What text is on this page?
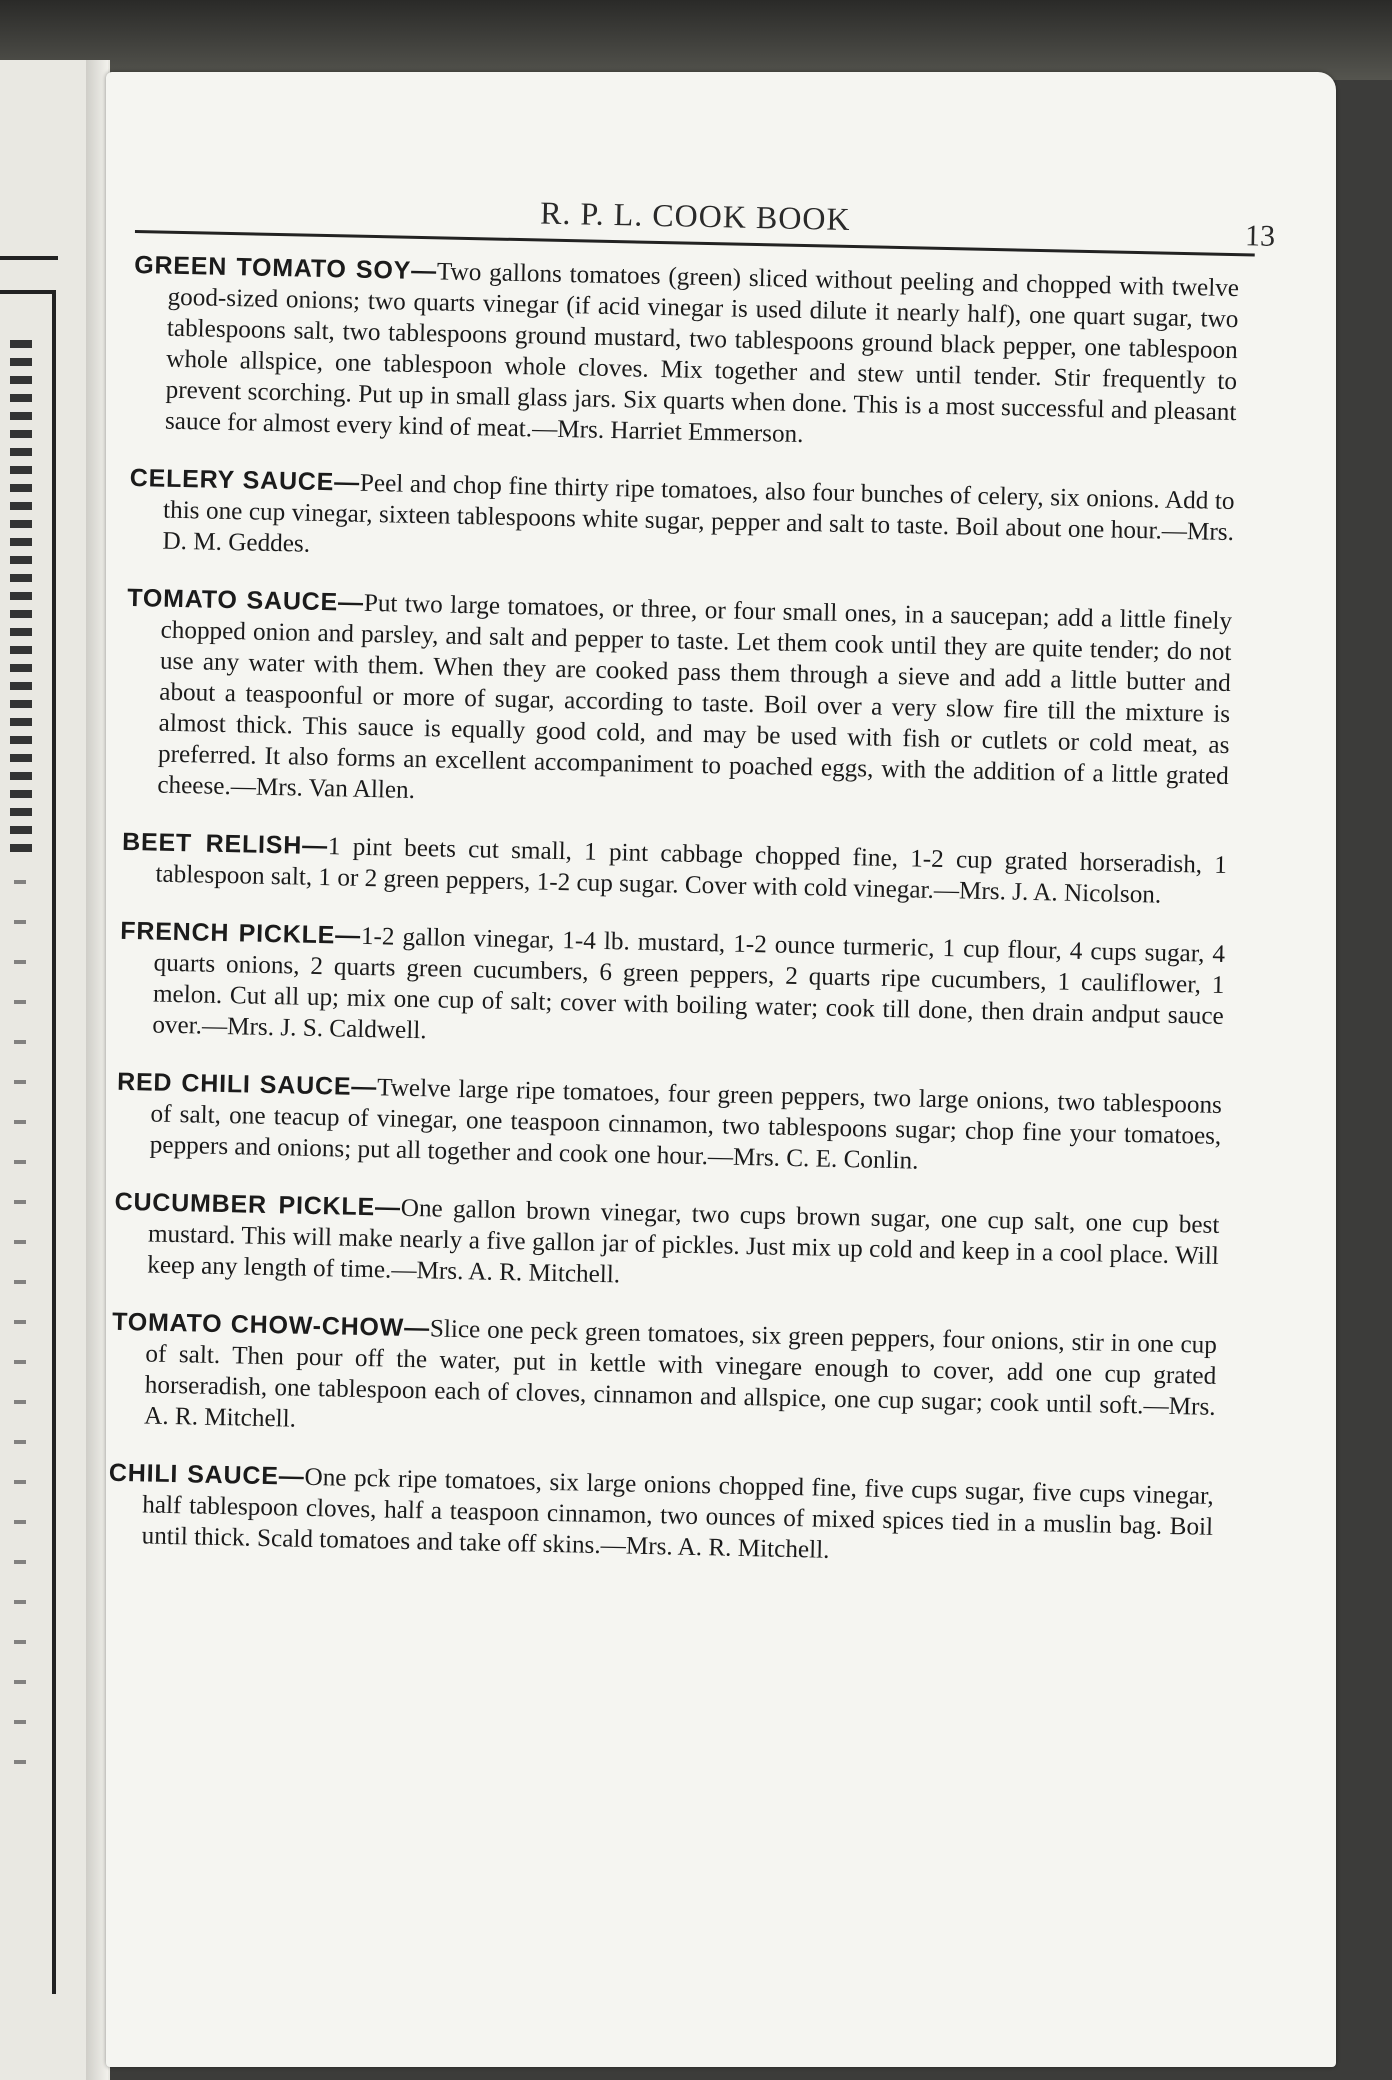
R. P. L. COOK BOOK	13

GREEN TOMATO SOY—Two gallons tomatoes (green) sliced without peeling and chopped with twelve good-sized onions; two quarts vinegar (if acid vinegar is used dilute it nearly half), one quart sugar, two tablespoons salt, two tablespoons ground mustard, two tablespoons ground black pepper, one tablespoon whole allspice, one tablespoon whole cloves. Mix together and stew until tender. Stir frequently to prevent scorching. Put up in small glass jars. Six quarts when done. This is a most successful and pleasant sauce for almost every kind of meat.—Mrs. Harriet Emmerson.

CELERY SAUCE—Peel and chop fine thirty ripe tomatoes, also four bunches of celery, six onions. Add to this one cup vinegar, sixteen tablespoons white sugar, pepper and salt to taste. Boil about one hour.—Mrs. D. M. Geddes.

TOMATO SAUCE—Put two large tomatoes, or three, or four small ones, in a saucepan; add a little finely chopped onion and parsley, and salt and pepper to taste. Let them cook until they are quite tender; do not use any water with them. When they are cooked pass them through a sieve and add a little butter and about a teaspoonful or more of sugar, according to taste. Boil over a very slow fire till the mixture is almost thick. This sauce is equally good cold, and may be used with fish or cutlets or cold meat, as preferred. It also forms an excellent accompaniment to poached eggs, with the addition of a little grated cheese.—Mrs. Van Allen.

BEET RELISH—1 pint beets cut small, 1 pint cabbage chopped fine, 1-2 cup grated horseradish, 1 tablespoon salt, 1 or 2 green peppers, 1-2 cup sugar. Cover with cold vinegar.—Mrs. J. A. Nicolson.

FRENCH PICKLE—1-2 gallon vinegar, 1-4 lb. mustard, 1-2 ounce turmeric, 1 cup flour, 4 cups sugar, 4 quarts onions, 2 quarts green cucumbers, 6 green peppers, 2 quarts ripe cucumbers, 1 cauliflower, 1 melon. Cut all up; mix one cup of salt; cover with boiling water; cook till done, then drain andput sauce over.—Mrs. J. S. Caldwell.

RED CHILI SAUCE—Twelve large ripe tomatoes, four green peppers, two large onions, two tablespoons of salt, one teacup of vinegar, one teaspoon cinnamon, two tablespoons sugar; chop fine your tomatoes, peppers and onions; put all together and cook one hour.—Mrs. C. E. Conlin.

CUCUMBER PICKLE—One gallon brown vinegar, two cups brown sugar, one cup salt, one cup best mustard. This will make nearly a five gallon jar of pickles. Just mix up cold and keep in a cool place. Will keep any length of time.—Mrs. A. R. Mitchell.

TOMATO CHOW-CHOW—Slice one peck green tomatoes, six green peppers, four onions, stir in one cup of salt. Then pour off the water, put in kettle with vinegare enough to cover, add one cup grated horseradish, one tablespoon each of cloves, cinnamon and allspice, one cup sugar; cook until soft.—Mrs. A. R. Mitchell.

CHILI SAUCE—One pck ripe tomatoes, six large onions chopped fine, five cups sugar, five cups vinegar, half tablespoon cloves, half a teaspoon cinnamon, two ounces of mixed spices tied in a muslin bag. Boil until thick. Scald tomatoes and take off skins.—Mrs. A. R. Mitchell.
